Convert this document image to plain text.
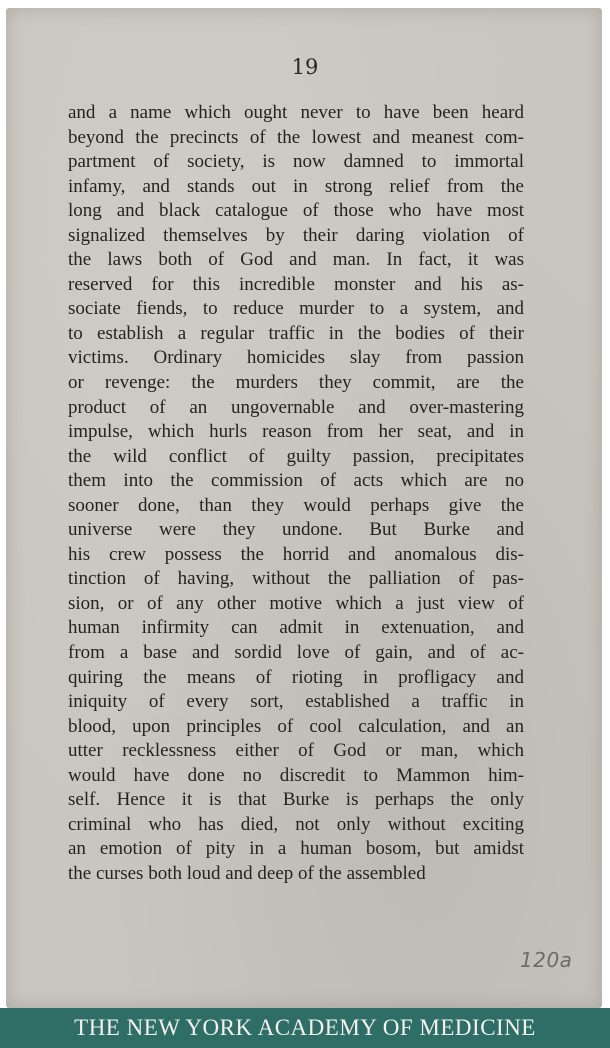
19

and a name which ought never to have been heard
beyond the precincts of the lowest and meanest com-
partment of society, is now damned to immortal
infamy, and stands out in strong relief from the
long and black catalogue of those who have most
signalized themselves by their daring violation of
the laws both of God and man. In fact, it was
reserved for this incredible monster and his as-
sociate fiends, to reduce murder to a system, and
to establish a regular traffic in the bodies of their
victims. Ordinary homicides slay from passion
or revenge: the murders they commit, are the
product of an ungovernable and over-mastering
impulse, which hurls reason from her seat, and in
the wild conflict of guilty passion, precipitates
them into the commission of acts which are no
sooner done, than they would perhaps give the
universe were they undone. But Burke and
his crew possess the horrid and anomalous dis-
tinction of having, without the palliation of pas-
sion, or of any other motive which a just view of
human infirmity can admit in extenuation, and
from a base and sordid love of gain, and of ac-
quiring the means of rioting in profligacy and
iniquity of every sort, established a traffic in
blood, upon principles of cool calculation, and an
utter recklessness either of God or man, which
would have done no discredit to Mammon him-
self. Hence it is that Burke is perhaps the only
criminal who has died, not only without exciting
an emotion of pity in a human bosom, but amidst
the curses both loud and deep of the assembled

120a

THE NEW YORK ACADEMY OF MEDICINE
